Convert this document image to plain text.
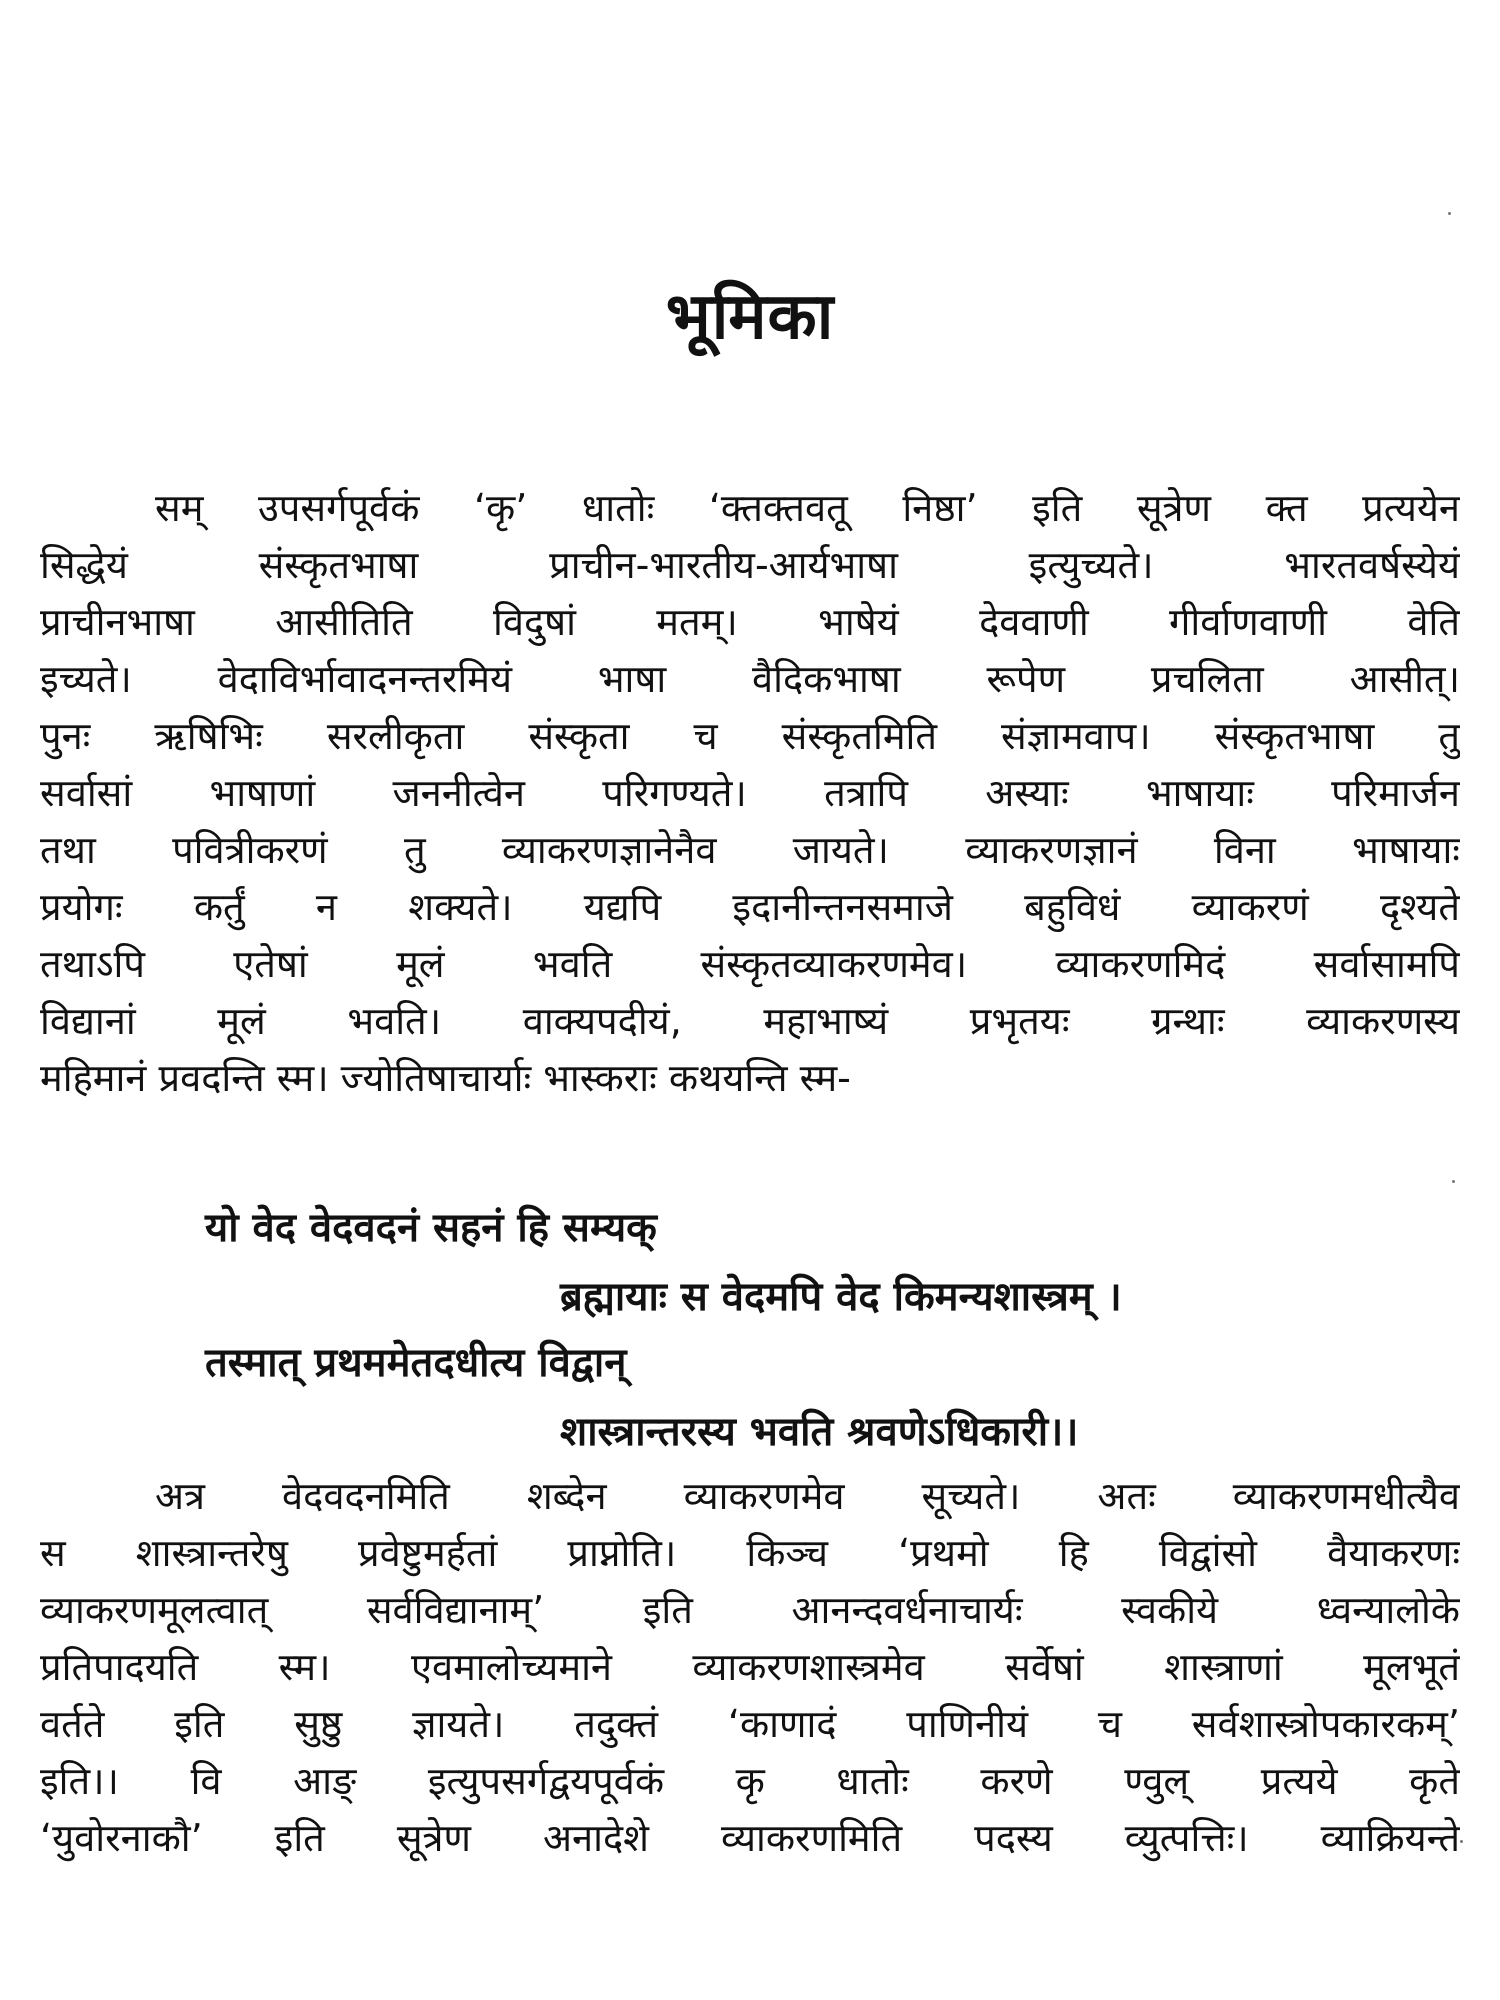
भूमिका
सम् उपसर्गपूर्वकं ‘कृ’ धातोः ‘क्तक्तवतू निष्ठा’ इति सूत्रेण क्त प्रत्ययेन
सिद्धेयं संस्कृतभाषा प्राचीन-भारतीय-आर्यभाषा इत्युच्यते। भारतवर्षस्येयं
प्राचीनभाषा आसीतिति विदुषां मतम्। भाषेयं देववाणी गीर्वाणवाणी वेति
इच्यते। वेदाविर्भावादनन्तरमियं भाषा वैदिकभाषा रूपेण प्रचलिता आसीत्।
पुनः ऋषिभिः सरलीकृता संस्कृता च संस्कृतमिति संज्ञामवाप। संस्कृतभाषा तु
सर्वासां भाषाणां जननीत्वेन परिगण्यते। तत्रापि अस्याः भाषायाः परिमार्जन
तथा पवित्रीकरणं तु व्याकरणज्ञानेनैव जायते। व्याकरणज्ञानं विना भाषायाः
प्रयोगः कर्तुं न शक्यते। यद्यपि इदानीन्तनसमाजे बहुविधं व्याकरणं दृश्यते
तथाऽपि एतेषां मूलं भवति संस्कृतव्याकरणमेव। व्याकरणमिदं सर्वासामपि
विद्यानां मूलं भवति। वाक्यपदीयं, महाभाष्यं प्रभृतयः ग्रन्थाः व्याकरणस्य
महिमानं प्रवदन्ति स्म। ज्योतिषाचार्याः भास्कराः कथयन्ति स्म-
यो वेद वेदवदनं सहनं हि सम्यक्
ब्रह्मायाः स वेदमपि वेद किमन्यशास्त्रम् ।
तस्मात् प्रथममेतदधीत्य विद्वान्
शास्त्रान्तरस्य भवति श्रवणेऽधिकारी।।
अत्र वेदवदनमिति शब्देन व्याकरणमेव सूच्यते। अतः व्याकरणमधीत्यैव
स शास्त्रान्तरेषु प्रवेष्टुमर्हतां प्राप्नोति। किञ्च ‘प्रथमो हि विद्वांसो वैयाकरणः
व्याकरणमूलत्वात् सर्वविद्यानाम्’ इति आनन्दवर्धनाचार्यः स्वकीये ध्वन्यालोके
प्रतिपादयति स्म। एवमालोच्यमाने व्याकरणशास्त्रमेव सर्वेषां शास्त्राणां मूलभूतं
वर्तते इति सुष्ठु ज्ञायते। तदुक्तं ‘काणादं पाणिनीयं च सर्वशास्त्रोपकारकम्’
इति।। वि आङ् इत्युपसर्गद्वयपूर्वकं कृ धातोः करणे ण्वुल् प्रत्यये कृते
‘युवोरनाकौ’ इति सूत्रेण अनादेशे व्याकरणमिति पदस्य व्युत्पत्तिः। व्याक्रियन्ते
